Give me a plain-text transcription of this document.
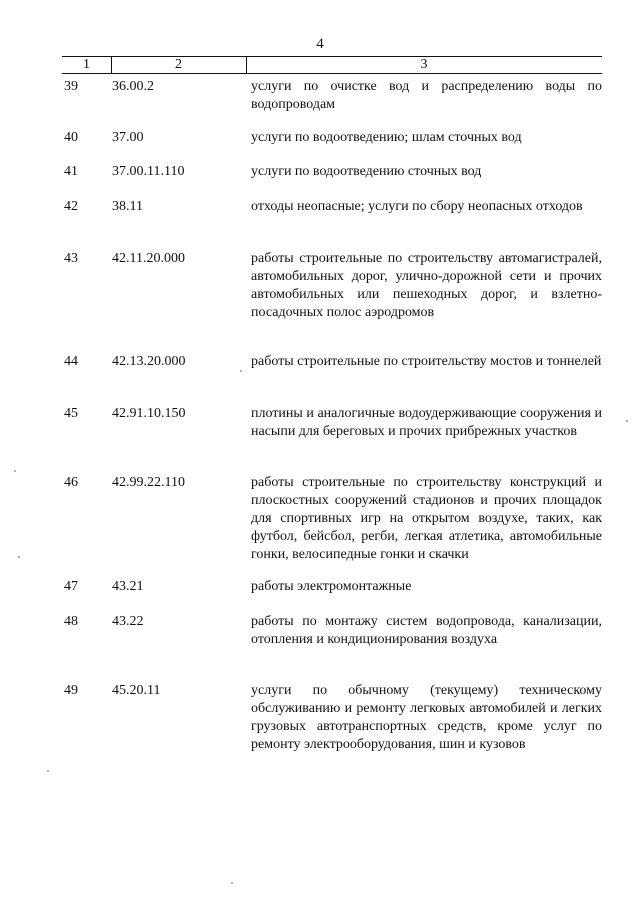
4
1	2	3
39	36.00.2	услуги по очистке вод и распределению воды по водопроводам
40	37.00	услуги по водоотведению; шлам сточных вод
41	37.00.11.110	услуги по водоотведению сточных вод
42	38.11	отходы неопасные; услуги по сбору неопасных отходов
43	42.11.20.000	работы строительные по строительству автомагистралей, автомобильных дорог, улично-дорожной сети и прочих автомобильных или пешеходных дорог, и взлетно-посадочных полос аэродромов
44	42.13.20.000	работы строительные по строительству мостов и тоннелей
45	42.91.10.150	плотины и аналогичные водоудерживающие сооружения и насыпи для береговых и прочих прибрежных участков
46	42.99.22.110	работы строительные по строительству конструкций и плоскостных сооружений стадионов и прочих площадок для спортивных игр на открытом воздухе, таких, как футбол, бейсбол, регби, легкая атлетика, автомобильные гонки, велосипедные гонки и скачки
47	43.21	работы электромонтажные
48	43.22	работы по монтажу систем водопровода, канализации, отопления и кондиционирования воздуха
49	45.20.11	услуги по обычному (текущему) техническому обслуживанию и ремонту легковых автомобилей и легких грузовых автотранспортных средств, кроме услуг по ремонту электрооборудования, шин и кузовов
